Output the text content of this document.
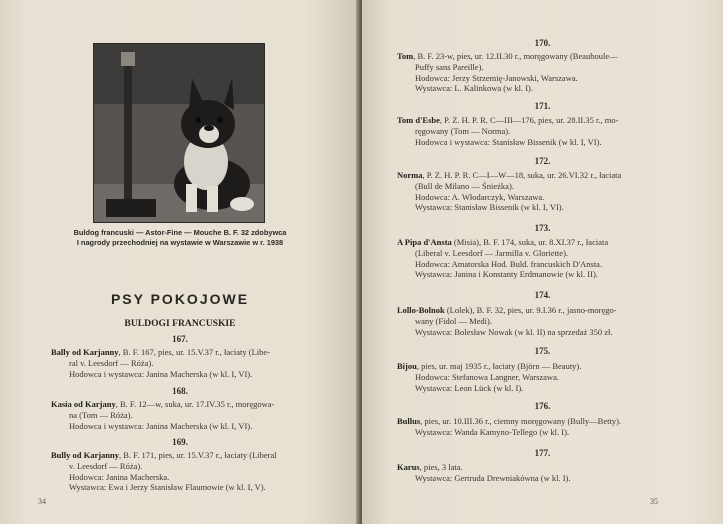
Buldog francuski — Astor-Fine — Mouche B. F. 32 zdobywca
I nagrody przechodniej na wystawie w Warszawie w r. 1938
PSY POKOJOWE
BULDOGI FRANCUSKIE
167.
Bally od Karjanny, B. F. 167, pies, ur. 15.V.37 r., łaciaty (Libe-
ral v. Leesdorf — Róża).
Hodowca i wystawca: Janina Macherska (w kl. I, VI).
168.
Kasia od Karjany, B. F. 12—w, suka, ur. 17.IV.35 r., moręgowa-
na (Tom — Róża).
Hodowca i wystawca: Janina Macherska (w kl. I, VI).
169.
Bully od Karjanny, B. F. 171, pies, ur. 15.V.37 r., łaciaty (Liberal
v. Leesdorf — Róża).
Hodowca: Janina Macherska.
Wystawca: Ewa i Jerzy Stanisław Flaumowie (w kl. I, V).
34
170.
Tom, B. F. 23-w, pies, ur. 12.II.30 r., moręgowany (Beauboule—
Puffy sans Pareille).
Hodowca: Jerzy Strzemię-Janowski, Warszawa.
Wystawca: L. Kalinkowa (w kl. I).
171.
Tom d'Esbe, P. Z. H. P. R. C—III—176, pies, ur. 28.II.35 r., mo-
ręgowany (Tom — Norma).
Hodowca i wystawca: Stanisław Bissenik (w kl. I, VI).
172.
Norma, P. Z. H. P. R. C—I—W—18, suka, ur. 26.VI.32 r., łaciata
(Bull de Milano — Śnieżka).
Hodowca: A. Włodarczyk, Warszawa.
Wystawca: Stanisław Bissenik (w kl. I, VI).
173.
A Pipa d'Ansta (Misia), B. F. 174, suka, ur. 8.XI.37 r., łaciata
(Liberal v. Leesdorf — Jarmilla v. Gloriette).
Hodowca: Amatorska Hod. Buld. francuskich D'Ansta.
Wystawca: Janina i Konstanty Erdmanowie (w kl. II).
174.
Lollo-Bolnok (Lolek), B. F. 32, pies, ur. 9.I.36 r., jasno-moręgo-
wany (Fidol — Medi).
Wystawca: Bolesław Nowak (w kl. II) na sprzedaż 350 zł.
175.
Bijou, pies, ur. maj 1935 r., łaciaty (Björn — Beauty).
Hodowca: Stefanowa Langner, Warszawa.
Wystawca: Leon Lück (w kl. I).
176.
Bullus, pies, ur. 10.III.36 r., ciemny moręgowany (Bully—Betty).
Wystawca: Wanda Kamyno-Tellego (w kl. I).
177.
Karus, pies, 3 lata.
Wystawca: Gertruda Drewniakówna (w kl. I).
35
